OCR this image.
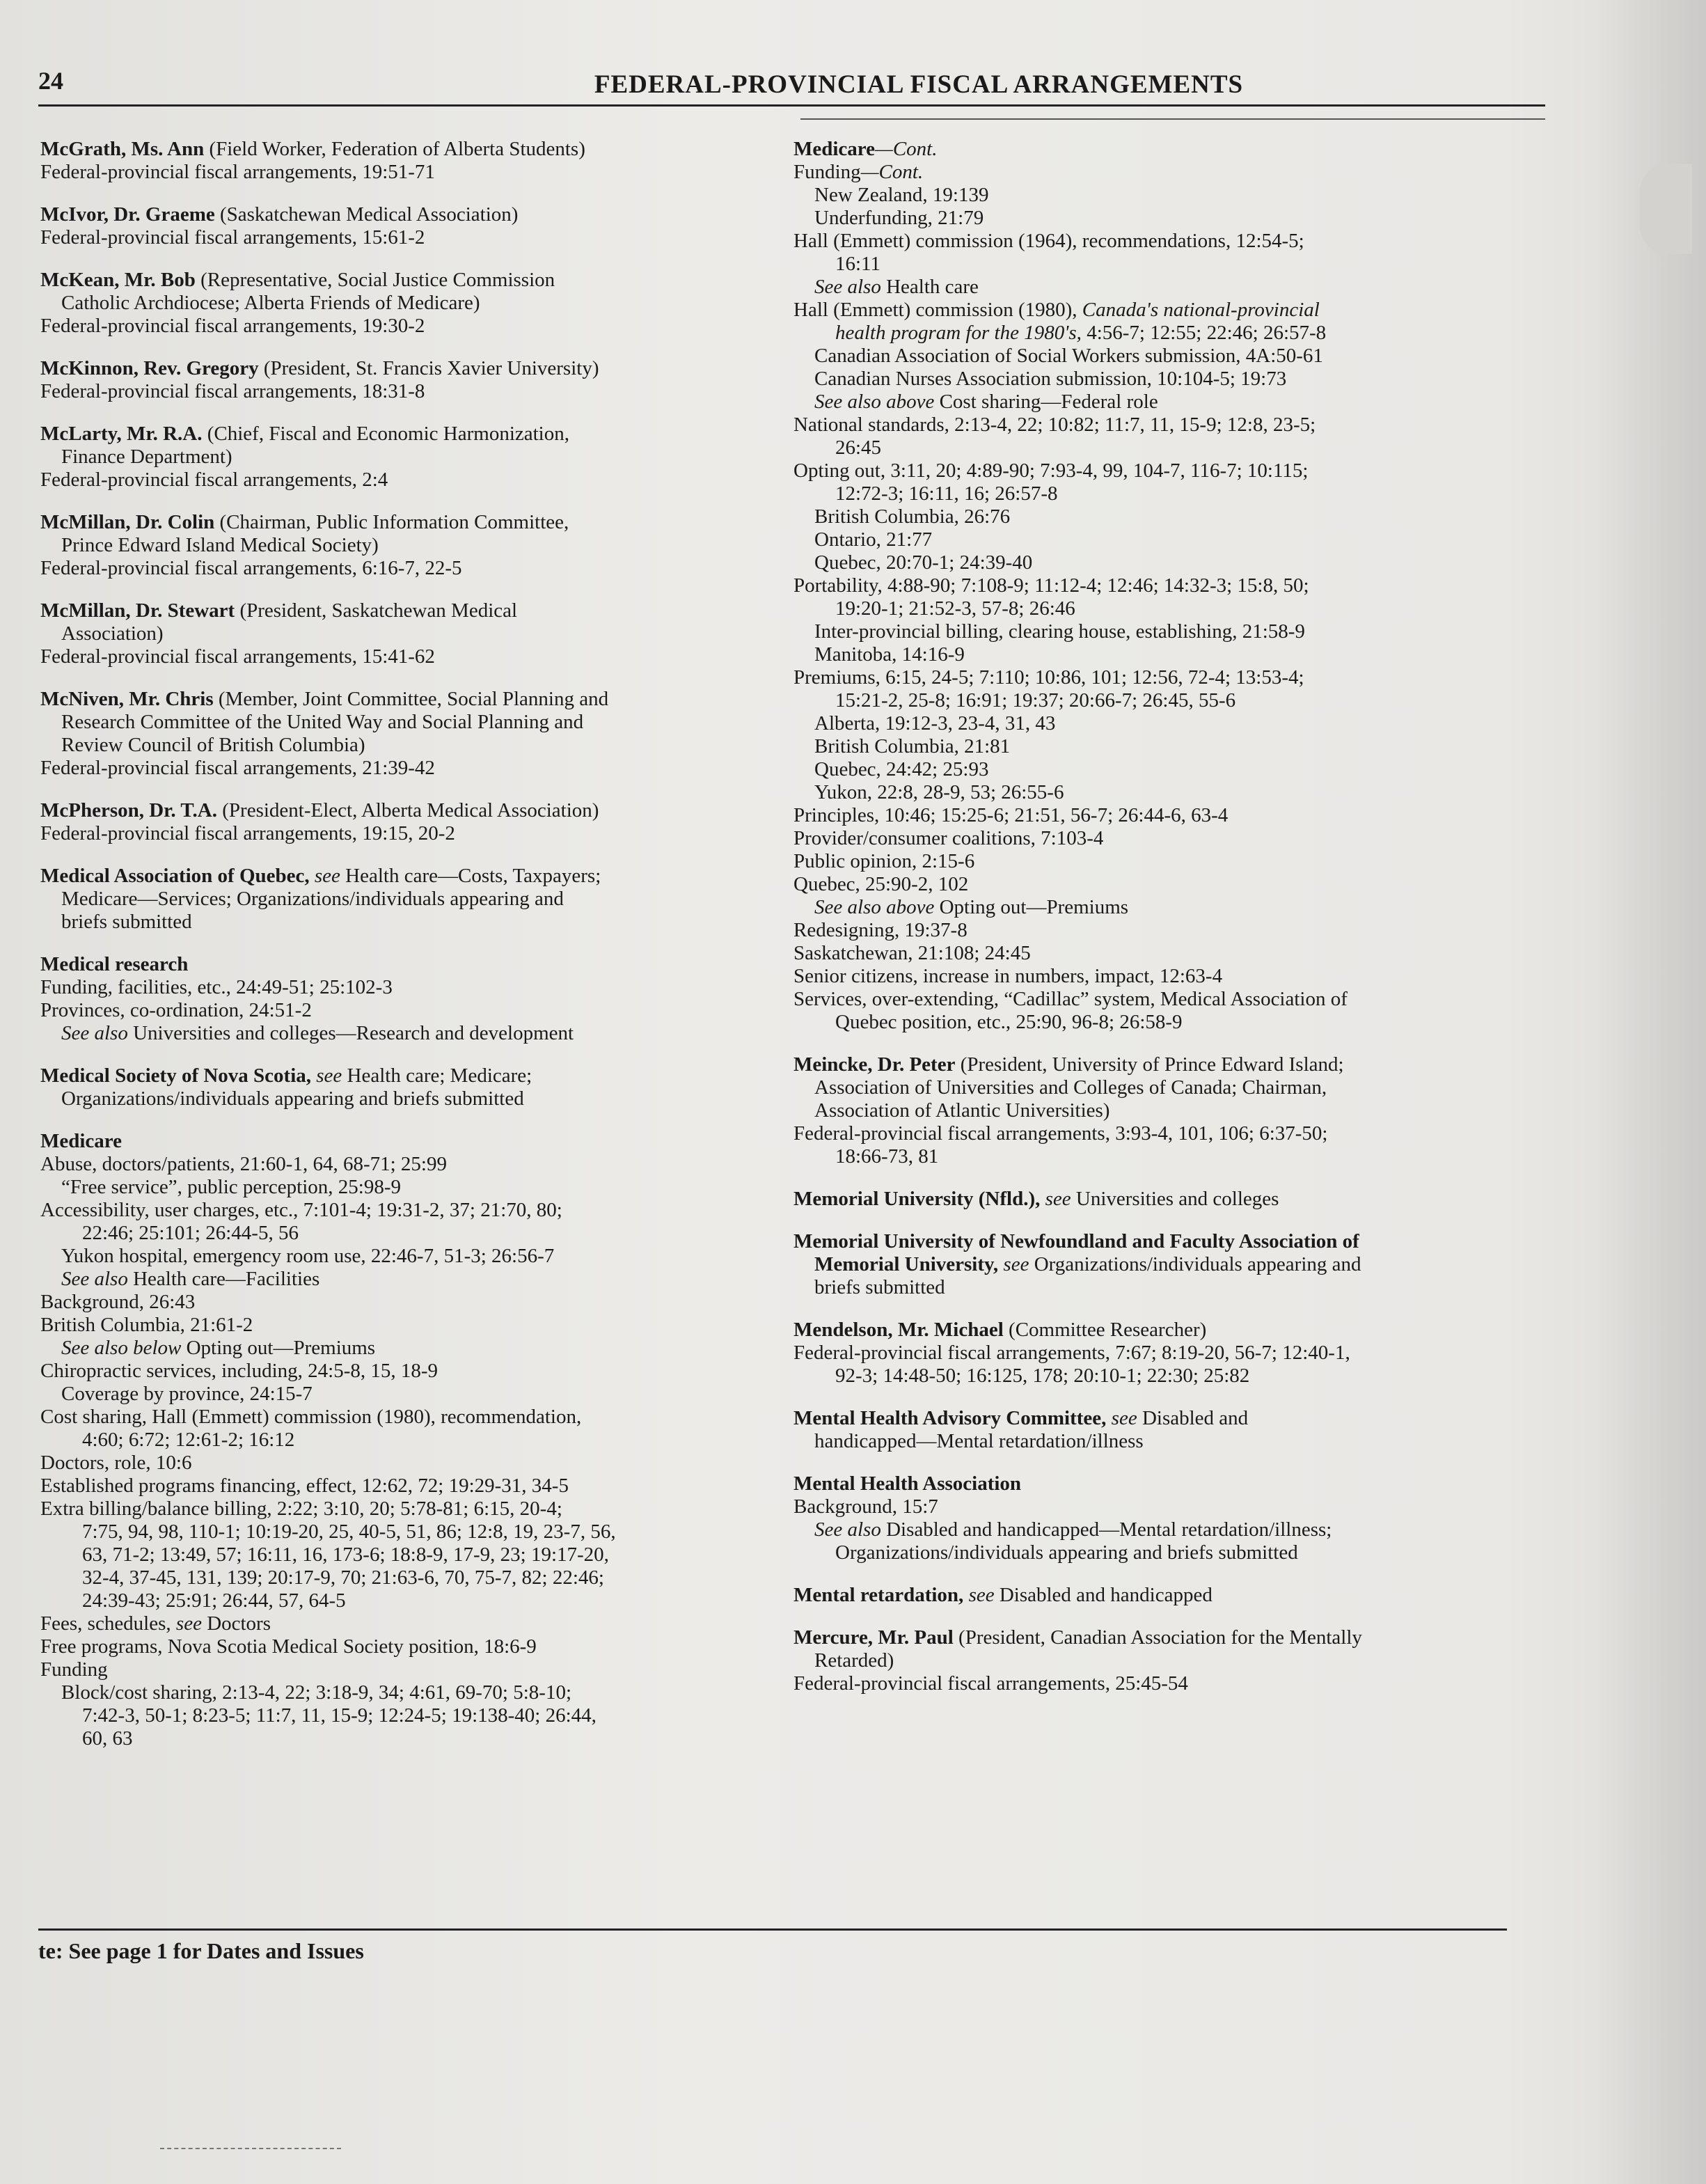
24	FEDERAL-PROVINCIAL FISCAL ARRANGEMENTS
McGrath, Ms. Ann (Field Worker, Federation of Alberta Students)
Federal-provincial fiscal arrangements, 19:51-71
McIvor, Dr. Graeme (Saskatchewan Medical Association)
Federal-provincial fiscal arrangements, 15:61-2
McKean, Mr. Bob (Representative, Social Justice Commission
Catholic Archdiocese; Alberta Friends of Medicare)
Federal-provincial fiscal arrangements, 19:30-2
McKinnon, Rev. Gregory (President, St. Francis Xavier University)
Federal-provincial fiscal arrangements, 18:31-8
McLarty, Mr. R.A. (Chief, Fiscal and Economic Harmonization,
Finance Department)
Federal-provincial fiscal arrangements, 2:4
McMillan, Dr. Colin (Chairman, Public Information Committee,
Prince Edward Island Medical Society)
Federal-provincial fiscal arrangements, 6:16-7, 22-5
McMillan, Dr. Stewart (President, Saskatchewan Medical
Association)
Federal-provincial fiscal arrangements, 15:41-62
McNiven, Mr. Chris (Member, Joint Committee, Social Planning and
Research Committee of the United Way and Social Planning and
Review Council of British Columbia)
Federal-provincial fiscal arrangements, 21:39-42
McPherson, Dr. T.A. (President-Elect, Alberta Medical Association)
Federal-provincial fiscal arrangements, 19:15, 20-2
Medical Association of Quebec, see Health care—Costs, Taxpayers;
Medicare—Services; Organizations/individuals appearing and
briefs submitted
Medical research
Funding, facilities, etc., 24:49-51; 25:102-3
Provinces, co-ordination, 24:51-2
See also Universities and colleges—Research and development
Medical Society of Nova Scotia, see Health care; Medicare;
Organizations/individuals appearing and briefs submitted
Medicare
Abuse, doctors/patients, 21:60-1, 64, 68-71; 25:99
“Free service”, public perception, 25:98-9
Accessibility, user charges, etc., 7:101-4; 19:31-2, 37; 21:70, 80;
22:46; 25:101; 26:44-5, 56
Yukon hospital, emergency room use, 22:46-7, 51-3; 26:56-7
See also Health care—Facilities
Background, 26:43
British Columbia, 21:61-2
See also below Opting out—Premiums
Chiropractic services, including, 24:5-8, 15, 18-9
Coverage by province, 24:15-7
Cost sharing, Hall (Emmett) commission (1980), recommendation,
4:60; 6:72; 12:61-2; 16:12
Doctors, role, 10:6
Established programs financing, effect, 12:62, 72; 19:29-31, 34-5
Extra billing/balance billing, 2:22; 3:10, 20; 5:78-81; 6:15, 20-4;
7:75, 94, 98, 110-1; 10:19-20, 25, 40-5, 51, 86; 12:8, 19, 23-7, 56,
63, 71-2; 13:49, 57; 16:11, 16, 173-6; 18:8-9, 17-9, 23; 19:17-20,
32-4, 37-45, 131, 139; 20:17-9, 70; 21:63-6, 70, 75-7, 82; 22:46;
24:39-43; 25:91; 26:44, 57, 64-5
Fees, schedules, see Doctors
Free programs, Nova Scotia Medical Society position, 18:6-9
Funding
Block/cost sharing, 2:13-4, 22; 3:18-9, 34; 4:61, 69-70; 5:8-10;
7:42-3, 50-1; 8:23-5; 11:7, 11, 15-9; 12:24-5; 19:138-40; 26:44,
60, 63
Medicare—Cont.
Funding—Cont.
New Zealand, 19:139
Underfunding, 21:79
Hall (Emmett) commission (1964), recommendations, 12:54-5;
16:11
See also Health care
Hall (Emmett) commission (1980), Canada's national-provincial
health program for the 1980's, 4:56-7; 12:55; 22:46; 26:57-8
Canadian Association of Social Workers submission, 4A:50-61
Canadian Nurses Association submission, 10:104-5; 19:73
See also above Cost sharing—Federal role
National standards, 2:13-4, 22; 10:82; 11:7, 11, 15-9; 12:8, 23-5;
26:45
Opting out, 3:11, 20; 4:89-90; 7:93-4, 99, 104-7, 116-7; 10:115;
12:72-3; 16:11, 16; 26:57-8
British Columbia, 26:76
Ontario, 21:77
Quebec, 20:70-1; 24:39-40
Portability, 4:88-90; 7:108-9; 11:12-4; 12:46; 14:32-3; 15:8, 50;
19:20-1; 21:52-3, 57-8; 26:46
Inter-provincial billing, clearing house, establishing, 21:58-9
Manitoba, 14:16-9
Premiums, 6:15, 24-5; 7:110; 10:86, 101; 12:56, 72-4; 13:53-4;
15:21-2, 25-8; 16:91; 19:37; 20:66-7; 26:45, 55-6
Alberta, 19:12-3, 23-4, 31, 43
British Columbia, 21:81
Quebec, 24:42; 25:93
Yukon, 22:8, 28-9, 53; 26:55-6
Principles, 10:46; 15:25-6; 21:51, 56-7; 26:44-6, 63-4
Provider/consumer coalitions, 7:103-4
Public opinion, 2:15-6
Quebec, 25:90-2, 102
See also above Opting out—Premiums
Redesigning, 19:37-8
Saskatchewan, 21:108; 24:45
Senior citizens, increase in numbers, impact, 12:63-4
Services, over-extending, “Cadillac” system, Medical Association of
Quebec position, etc., 25:90, 96-8; 26:58-9
Meincke, Dr. Peter (President, University of Prince Edward Island;
Association of Universities and Colleges of Canada; Chairman,
Association of Atlantic Universities)
Federal-provincial fiscal arrangements, 3:93-4, 101, 106; 6:37-50;
18:66-73, 81
Memorial University (Nfld.), see Universities and colleges
Memorial University of Newfoundland and Faculty Association of
Memorial University, see Organizations/individuals appearing and
briefs submitted
Mendelson, Mr. Michael (Committee Researcher)
Federal-provincial fiscal arrangements, 7:67; 8:19-20, 56-7; 12:40-1,
92-3; 14:48-50; 16:125, 178; 20:10-1; 22:30; 25:82
Mental Health Advisory Committee, see Disabled and
handicapped—Mental retardation/illness
Mental Health Association
Background, 15:7
See also Disabled and handicapped—Mental retardation/illness;
Organizations/individuals appearing and briefs submitted
Mental retardation, see Disabled and handicapped
Mercure, Mr. Paul (President, Canadian Association for the Mentally
Retarded)
Federal-provincial fiscal arrangements, 25:45-54
te: See page 1 for Dates and Issues
